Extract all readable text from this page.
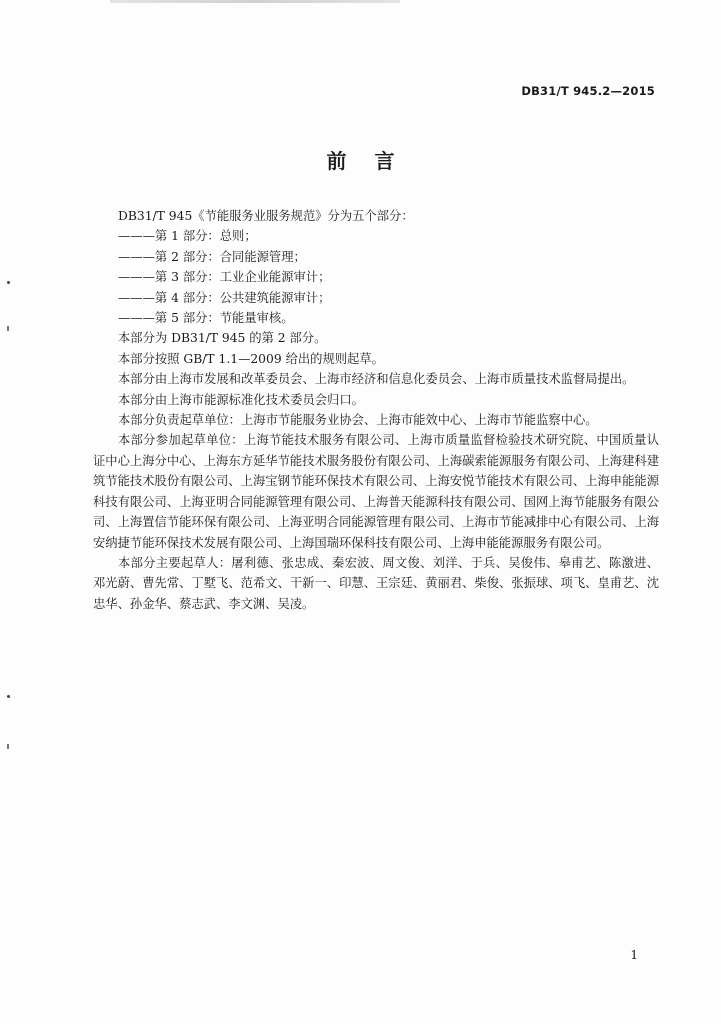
DB31/T 945.2—2015
前言

DB31/T 945《节能服务业服务规范》分为五个部分：

———第 1 部分：总则；

———第 2 部分：合同能源管理；

———第 3 部分：工业企业能源审计；

———第 4 部分：公共建筑能源审计；

———第 5 部分：节能量审核。

本部分为 DB31/T 945 的第 2 部分。

本部分按照 GB/T 1.1—2009 给出的规则起草。

本部分由上海市发展和改革委员会、上海市经济和信息化委员会、上海市质量技术监督局提出。

本部分由上海市能源标准化技术委员会归口。

本部分负责起草单位：上海市节能服务业协会、上海市能效中心、上海市节能监察中心。

本部分参加起草单位：上海节能技术服务有限公司、上海市质量监督检验技术研究院、中国质量认证中心上海分中心、上海东方延华节能技术服务股份有限公司、上海碳索能源服务有限公司、上海建科建筑节能技术股份有限公司、上海宝钢节能环保技术有限公司、上海安悦节能技术有限公司、上海申能能源科技有限公司、上海亚明合同能源管理有限公司、上海普天能源科技有限公司、国网上海节能服务有限公司、上海置信节能环保有限公司、上海亚明合同能源管理有限公司、上海市节能减排中心有限公司、上海安纳捷节能环保技术发展有限公司、上海国瑞环保科技有限公司、上海申能能源服务有限公司。

本部分主要起草人：屠利德、张忠成、秦宏波、周文俊、刘洋、于兵、吴俊伟、皋甫艺、陈激进、邓光蔚、曹先常、丁墅飞、范希文、干新一、印慧、王宗廷、黄丽君、柴俊、张振球、项飞、皇甫艺、沈忠华、孙金华、蔡志武、李文渊、吴凌。

1
